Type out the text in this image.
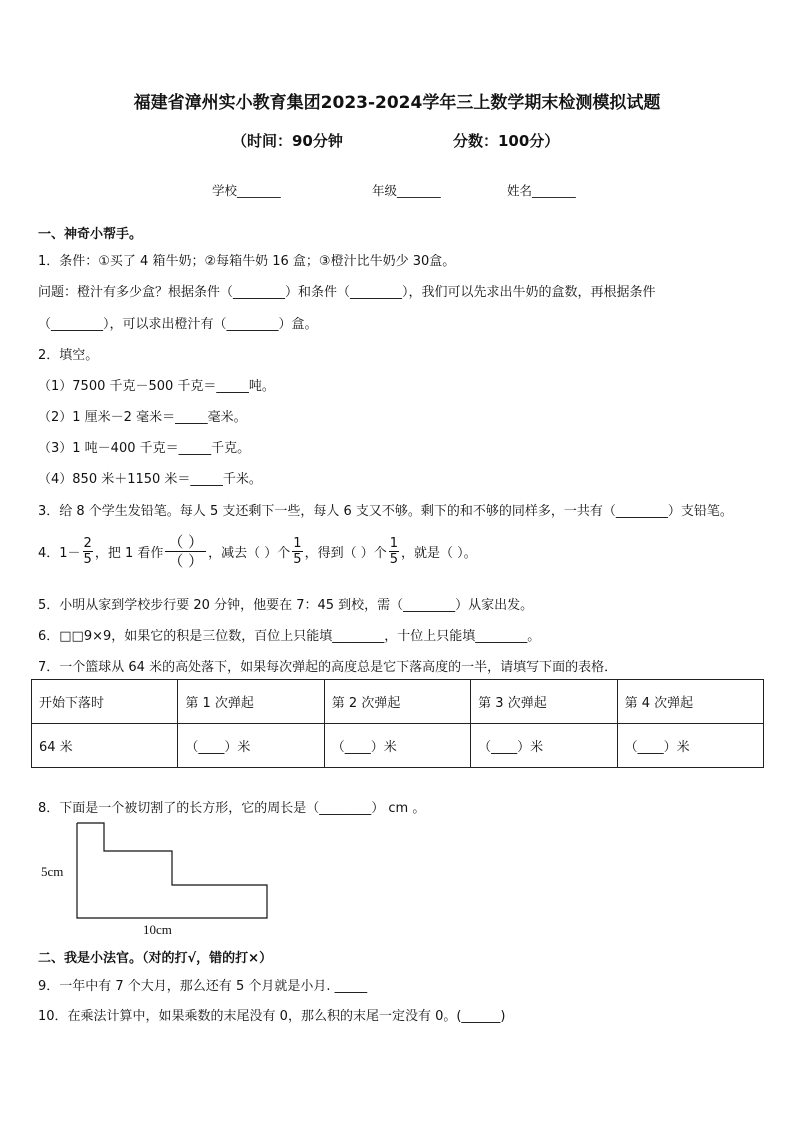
福建省漳州实小教育集团2023-2024学年三上数学期末检测模拟试题
（时间：90分钟	分数：100分）
学校_______	年级_______	姓名_______
一、神奇小帮手。
1．条件：①买了 4 箱牛奶；②每箱牛奶 16 盒；③橙汁比牛奶少 30盒。
问题：橙汁有多少盒？根据条件（________）和条件（________），我们可以先求出牛奶的盒数，再根据条件
（________），可以求出橙汁有（________）盒。
2．填空。
（1）7500 千克－500 千克＝_____吨。
（2）1 厘米－2 毫米＝_____毫米。
（3）1 吨－400 千克＝_____千克。
（4）850 米＋1150 米＝_____千米。
3．给 8 个学生发铅笔。每人 5 支还剩下一些，每人 6 支又不够。剩下的和不够的同样多，一共有（________）支铅笔。
4．$1- \frac{2}{5}$ ，把 1 看作 $\frac{( )}{( )}$ ，减去（ ）个 $\frac{1}{5}$ ，得到（ ）个 $\frac{1}{5}$ ，就是（ ）。
5．小明从家到学校步行要 20 分钟，他要在 7：45 到校，需（________）从家出发。
6．□□9×9，如果它的积是三位数，百位上只能填________，十位上只能填________。
7．一个篮球从 64 米的高处落下，如果每次弹起的高度总是它下落高度的一半，请填写下面的表格．
开始下落时	第 1 次弹起	第 2 次弹起	第 3 次弹起	第 4 次弹起
64 米	（____）米	（____）米	（____）米	（____）米
8．下面是一个被切割了的长方形，它的周长是（________） cm 。
5cm
10cm
二、我是小法官。（对的打√，错的打×）
9．一年中有 7 个大月，那么还有 5 个月就是小月. _____
10．在乘法计算中，如果乘数的末尾没有 0，那么积的末尾一定没有 0。(______)
